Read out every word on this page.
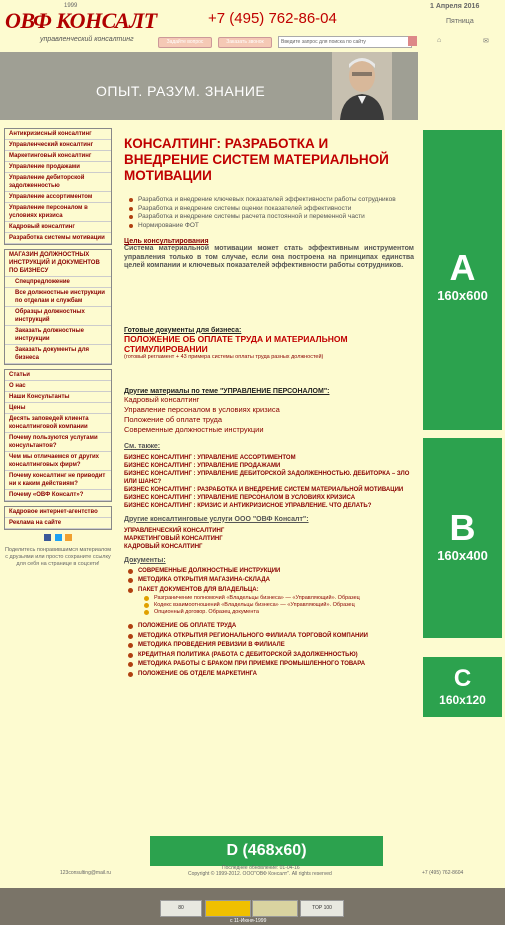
1999
ОВФ КОНСАЛТ
управленческий консалтинг
+7 (495) 762-86-04
1 Апреля 2016
Пятница
Задайте вопрос	Заказать звонок	Введите запрос для поиска по сайту	⌂	✉
ОПЫТ. РАЗУМ. ЗНАНИЕ
Антикризисный консалтинг
Управленческий консалтинг
Маркетинговый консалтинг
Управление продажами
Управление дебиторской задолженностью
Управление ассортиментом
Управление персоналом в условиях кризиса
Кадровый консалтинг
Разработка системы мотивации
МАГАЗИН ДОЛЖНОСТНЫХ ИНСТРУКЦИЙ И ДОКУМЕНТОВ ПО БИЗНЕСУ
Спецпредложение
Все должностные инструкции по отделам и службам
Образцы должностных инструкций
Заказать должностные инструкции
Заказать документы для бизнеса
Статьи
О нас
Наши Консультанты
Цены
Десять заповедей клиента консалтинговой компании
Почему пользуются услугами консультантов?
Чем мы отличаемся от других консалтинговых фирм?
Почему консалтинг не приводит ни к каким действиям?
Почему «ОВФ Консалт»?
Кадровое интернет-агентство
Реклама на сайте

Поделитесь понравившимся материалом с друзьями или просто сохраните ссылку для себя на странице в соцсети!
КОНСАЛТИНГ: РАЗРАБОТКА И ВНЕДРЕНИЕ СИСТЕМ МАТЕРИАЛЬНОЙ МОТИВАЦИИ
Разработка и внедрение ключевых показателей эффективности работы сотрудников
Разработка и внедрение системы оценки показателей эффективности
Разработка и внедрение системы расчета постоянной и переменной части
Нормирование ФОТ
Цель консультирования
Система материальной мотивации может стать эффективным инструментом управления только в том случае, если она построена на принципах единства целей компании и ключевых показателей эффективности работы сотрудников.
Готовые документы для бизнеса:
ПОЛОЖЕНИЕ ОБ ОПЛАТЕ ТРУДА И МАТЕРИАЛЬНОМ СТИМУЛИРОВАНИИ
(готовый регламент + 43 примера системы оплаты труда разных должностей)
Другие материалы по теме "УПРАВЛЕНИЕ ПЕРСОНАЛОМ":
Кадровый консалтинг
Управление персоналом в условиях кризиса
Положение об оплате труда
Современные должностные инструкции
См. также:
БИЗНЕС КОНСАЛТИНГ : УПРАВЛЕНИЕ АССОРТИМЕНТОМ
БИЗНЕС КОНСАЛТИНГ : УПРАВЛЕНИЕ ПРОДАЖАМИ
БИЗНЕС КОНСАЛТИНГ : УПРАВЛЕНИЕ ДЕБИТОРСКОЙ ЗАДОЛЖЕННОСТЬЮ. ДЕБИТОРКА – ЗЛО ИЛИ ШАНС?
БИЗНЕС КОНСАЛТИНГ : РАЗРАБОТКА И ВНЕДРЕНИЕ СИСТЕМ МАТЕРИАЛЬНОЙ МОТИВАЦИИ
БИЗНЕС КОНСАЛТИНГ : УПРАВЛЕНИЕ ПЕРСОНАЛОМ В УСЛОВИЯХ КРИЗИСА
БИЗНЕС КОНСАЛТИНГ : КРИЗИС И АНТИКРИЗИСНОЕ УПРАВЛЕНИЕ. ЧТО ДЕЛАТЬ?
Другие консалтинговые услуги ООО "ОВФ Консалт":
УПРАВЛЕНЧЕСКИЙ КОНСАЛТИНГ
МАРКЕТИНГОВЫЙ КОНСАЛТИНГ
КАДРОВЫЙ КОНСАЛТИНГ
Документы:
СОВРЕМЕННЫЕ ДОЛЖНОСТНЫЕ ИНСТРУКЦИИ
МЕТОДИКА ОТКРЫТИЯ МАГАЗИНА-СКЛАДА
ПАКЕТ ДОКУМЕНТОВ ДЛЯ ВЛАДЕЛЬЦА:
Разграничение полномочий «Владельцы бизнеса» — «Управляющий». Образец
Кодекс взаимоотношений «Владельцы бизнеса» — «Управляющий». Образец
Опционный договор. Образец документа
ПОЛОЖЕНИЕ ОБ ОПЛАТЕ ТРУДА
МЕТОДИКА ОТКРЫТИЯ РЕГИОНАЛЬНОГО ФИЛИАЛА ТОРГОВОЙ КОМПАНИИ
МЕТОДИКА ПРОВЕДЕНИЯ РЕВИЗИИ В ФИЛИАЛЕ
КРЕДИТНАЯ ПОЛИТИКА (РАБОТА С ДЕБИТОРСКОЙ ЗАДОЛЖЕННОСТЬЮ)
МЕТОДИКА РАБОТЫ С БРАКОМ ПРИ ПРИЕМКЕ ПРОМЫШЛЕННОГО ТОВАРА
ПОЛОЖЕНИЕ ОБ ОТДЕЛЕ МАРКЕТИНГА
A
160x600
B
160x400
C
160x120
D (468x60)
123consulting@mail.ru
Последнее обновление: 01-04-16
Copyright © 1999-2012. ООО"ОВФ Консалт". All rights reserved	+7 (495) 762-8604
80	TOP 100
с 11-Июня-1999
